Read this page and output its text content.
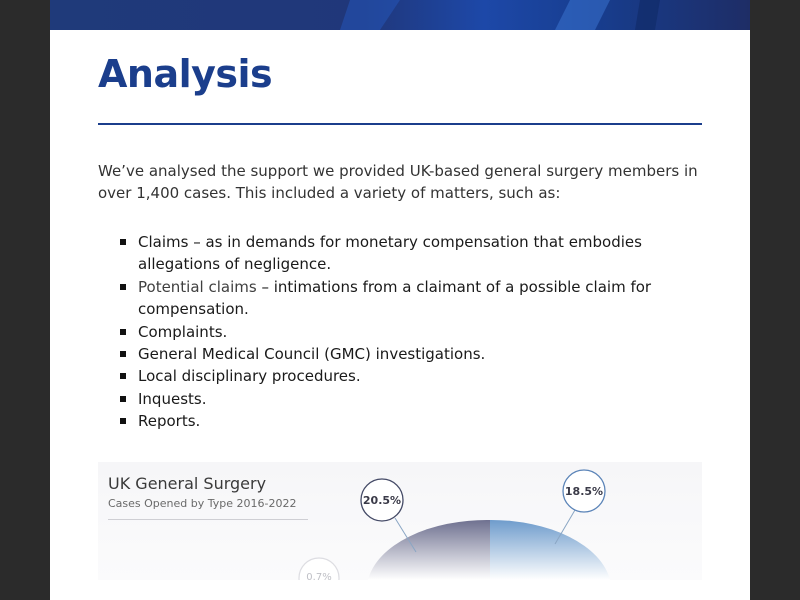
Analysis

We’ve analysed the support we provided UK-based general surgery members in over 1,400 cases. This included a variety of matters, such as:

Claims – as in demands for monetary compensation that embodies allegations of negligence.
Potential claims – intimations from a claimant of a possible claim for compensation.
Complaints.
General Medical Council (GMC) investigations.
Local disciplinary procedures.
Inquests.
Reports.
20.5%
18.5%
0.7%
UK General Surgery
Cases Opened by Type 2016-2022
